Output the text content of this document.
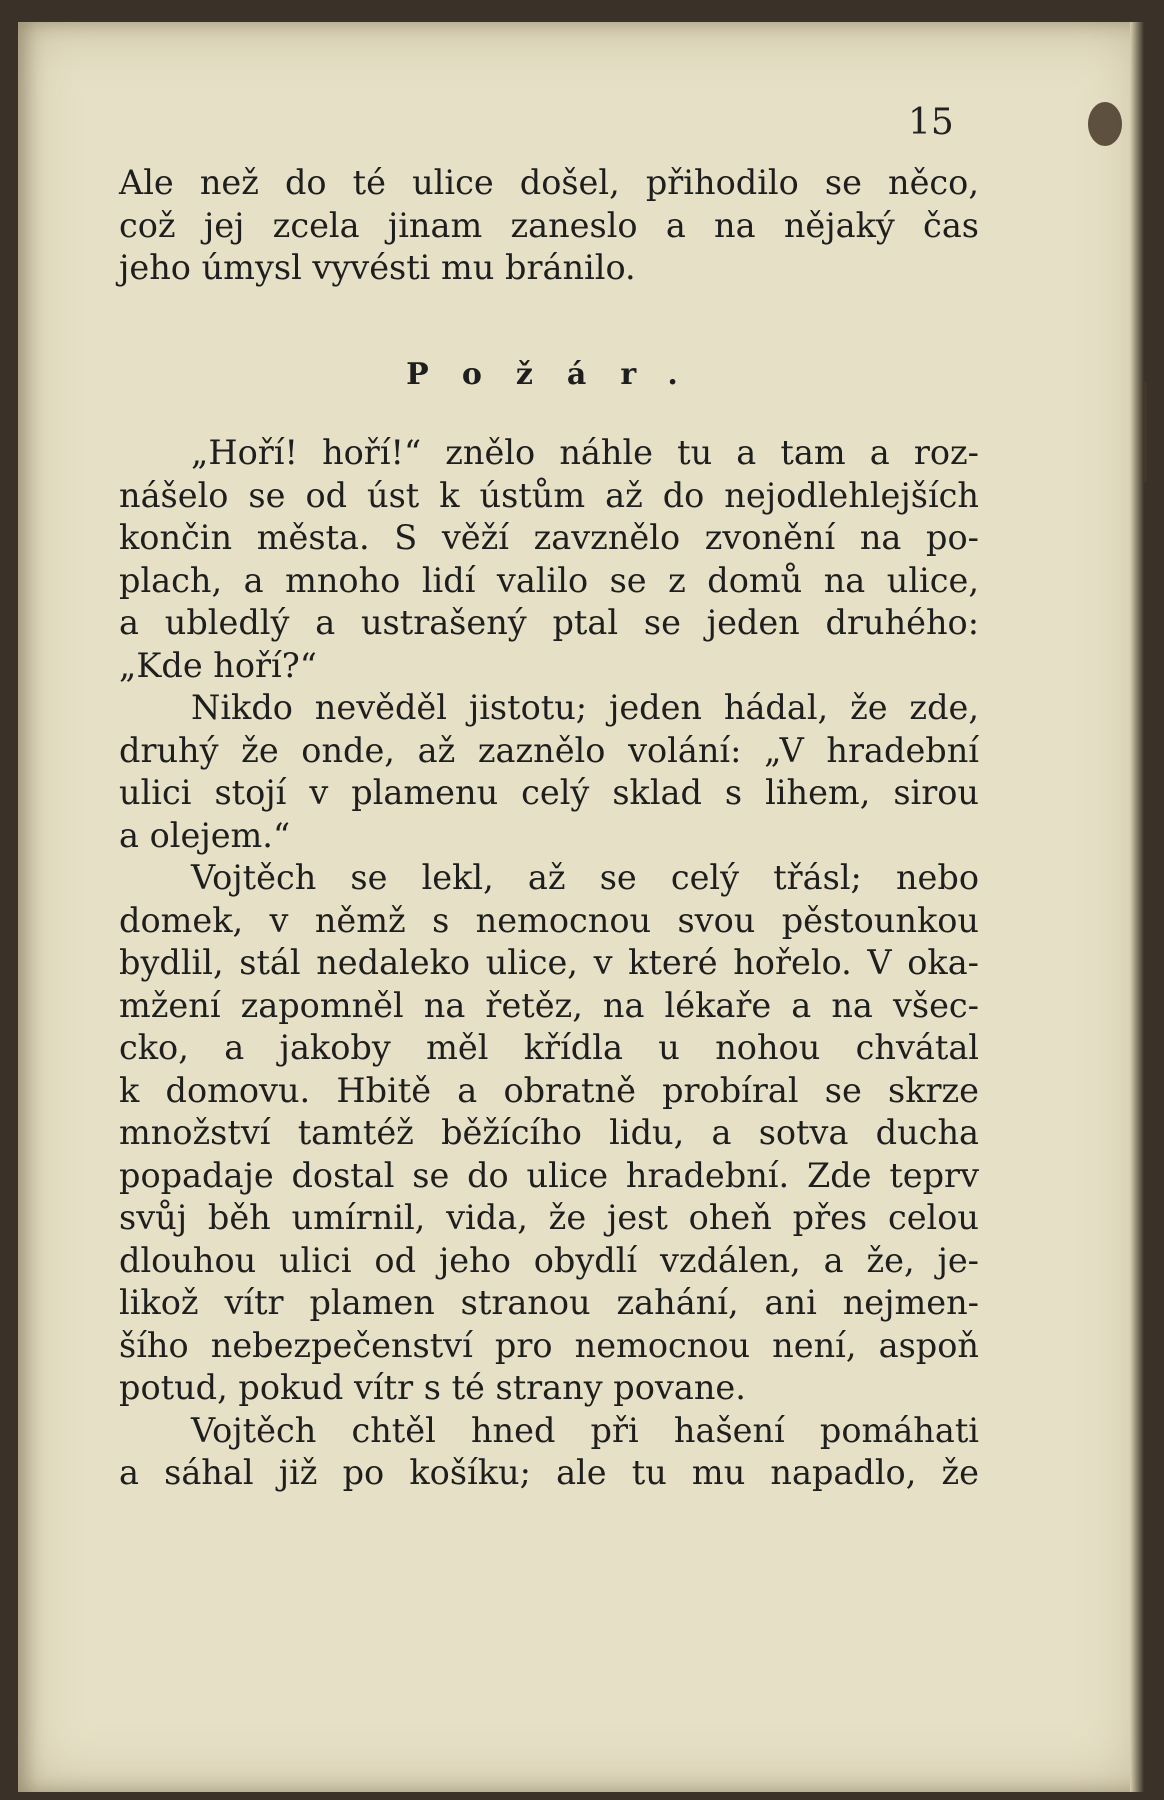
15
Ale než do té ulice došel, přihodilo se něco,
což jej zcela jinam zaneslo a na nějaký čas
jeho úmysl vyvésti mu bránilo.
Požár.
„Hoří! hoří!“ znělo náhle tu a tam a roz-
nášelo se od úst k ústům až do nejodlehlejších
končin města. S věží zavznělo zvonění na po-
plach, a mnoho lidí valilo se z domů na ulice,
a ubledlý a ustrašený ptal se jeden druhého:
„Kde hoří?“
Nikdo nevěděl jistotu; jeden hádal, že zde,
druhý že onde, až zaznělo volání: „V hradební
ulici stojí v plamenu celý sklad s lihem, sirou
a olejem.“
Vojtěch se lekl, až se celý třásl; nebo
domek, v němž s nemocnou svou pěstounkou
bydlil, stál nedaleko ulice, v které hořelo. V oka-
mžení zapomněl na řetěz, na lékaře a na všec-
cko, a jakoby měl křídla u nohou chvátal
k domovu. Hbitě a obratně probíral se skrze
množství tamtéž běžícího lidu, a sotva ducha
popadaje dostal se do ulice hradební. Zde teprv
svůj běh umírnil, vida, že jest oheň přes celou
dlouhou ulici od jeho obydlí vzdálen, a že, je-
likož vítr plamen stranou zahání, ani nejmen-
šího nebezpečenství pro nemocnou není, aspoň
potud, pokud vítr s té strany povane.
Vojtěch chtěl hned při hašení pomáhati
a sáhal již po košíku; ale tu mu napadlo, že
